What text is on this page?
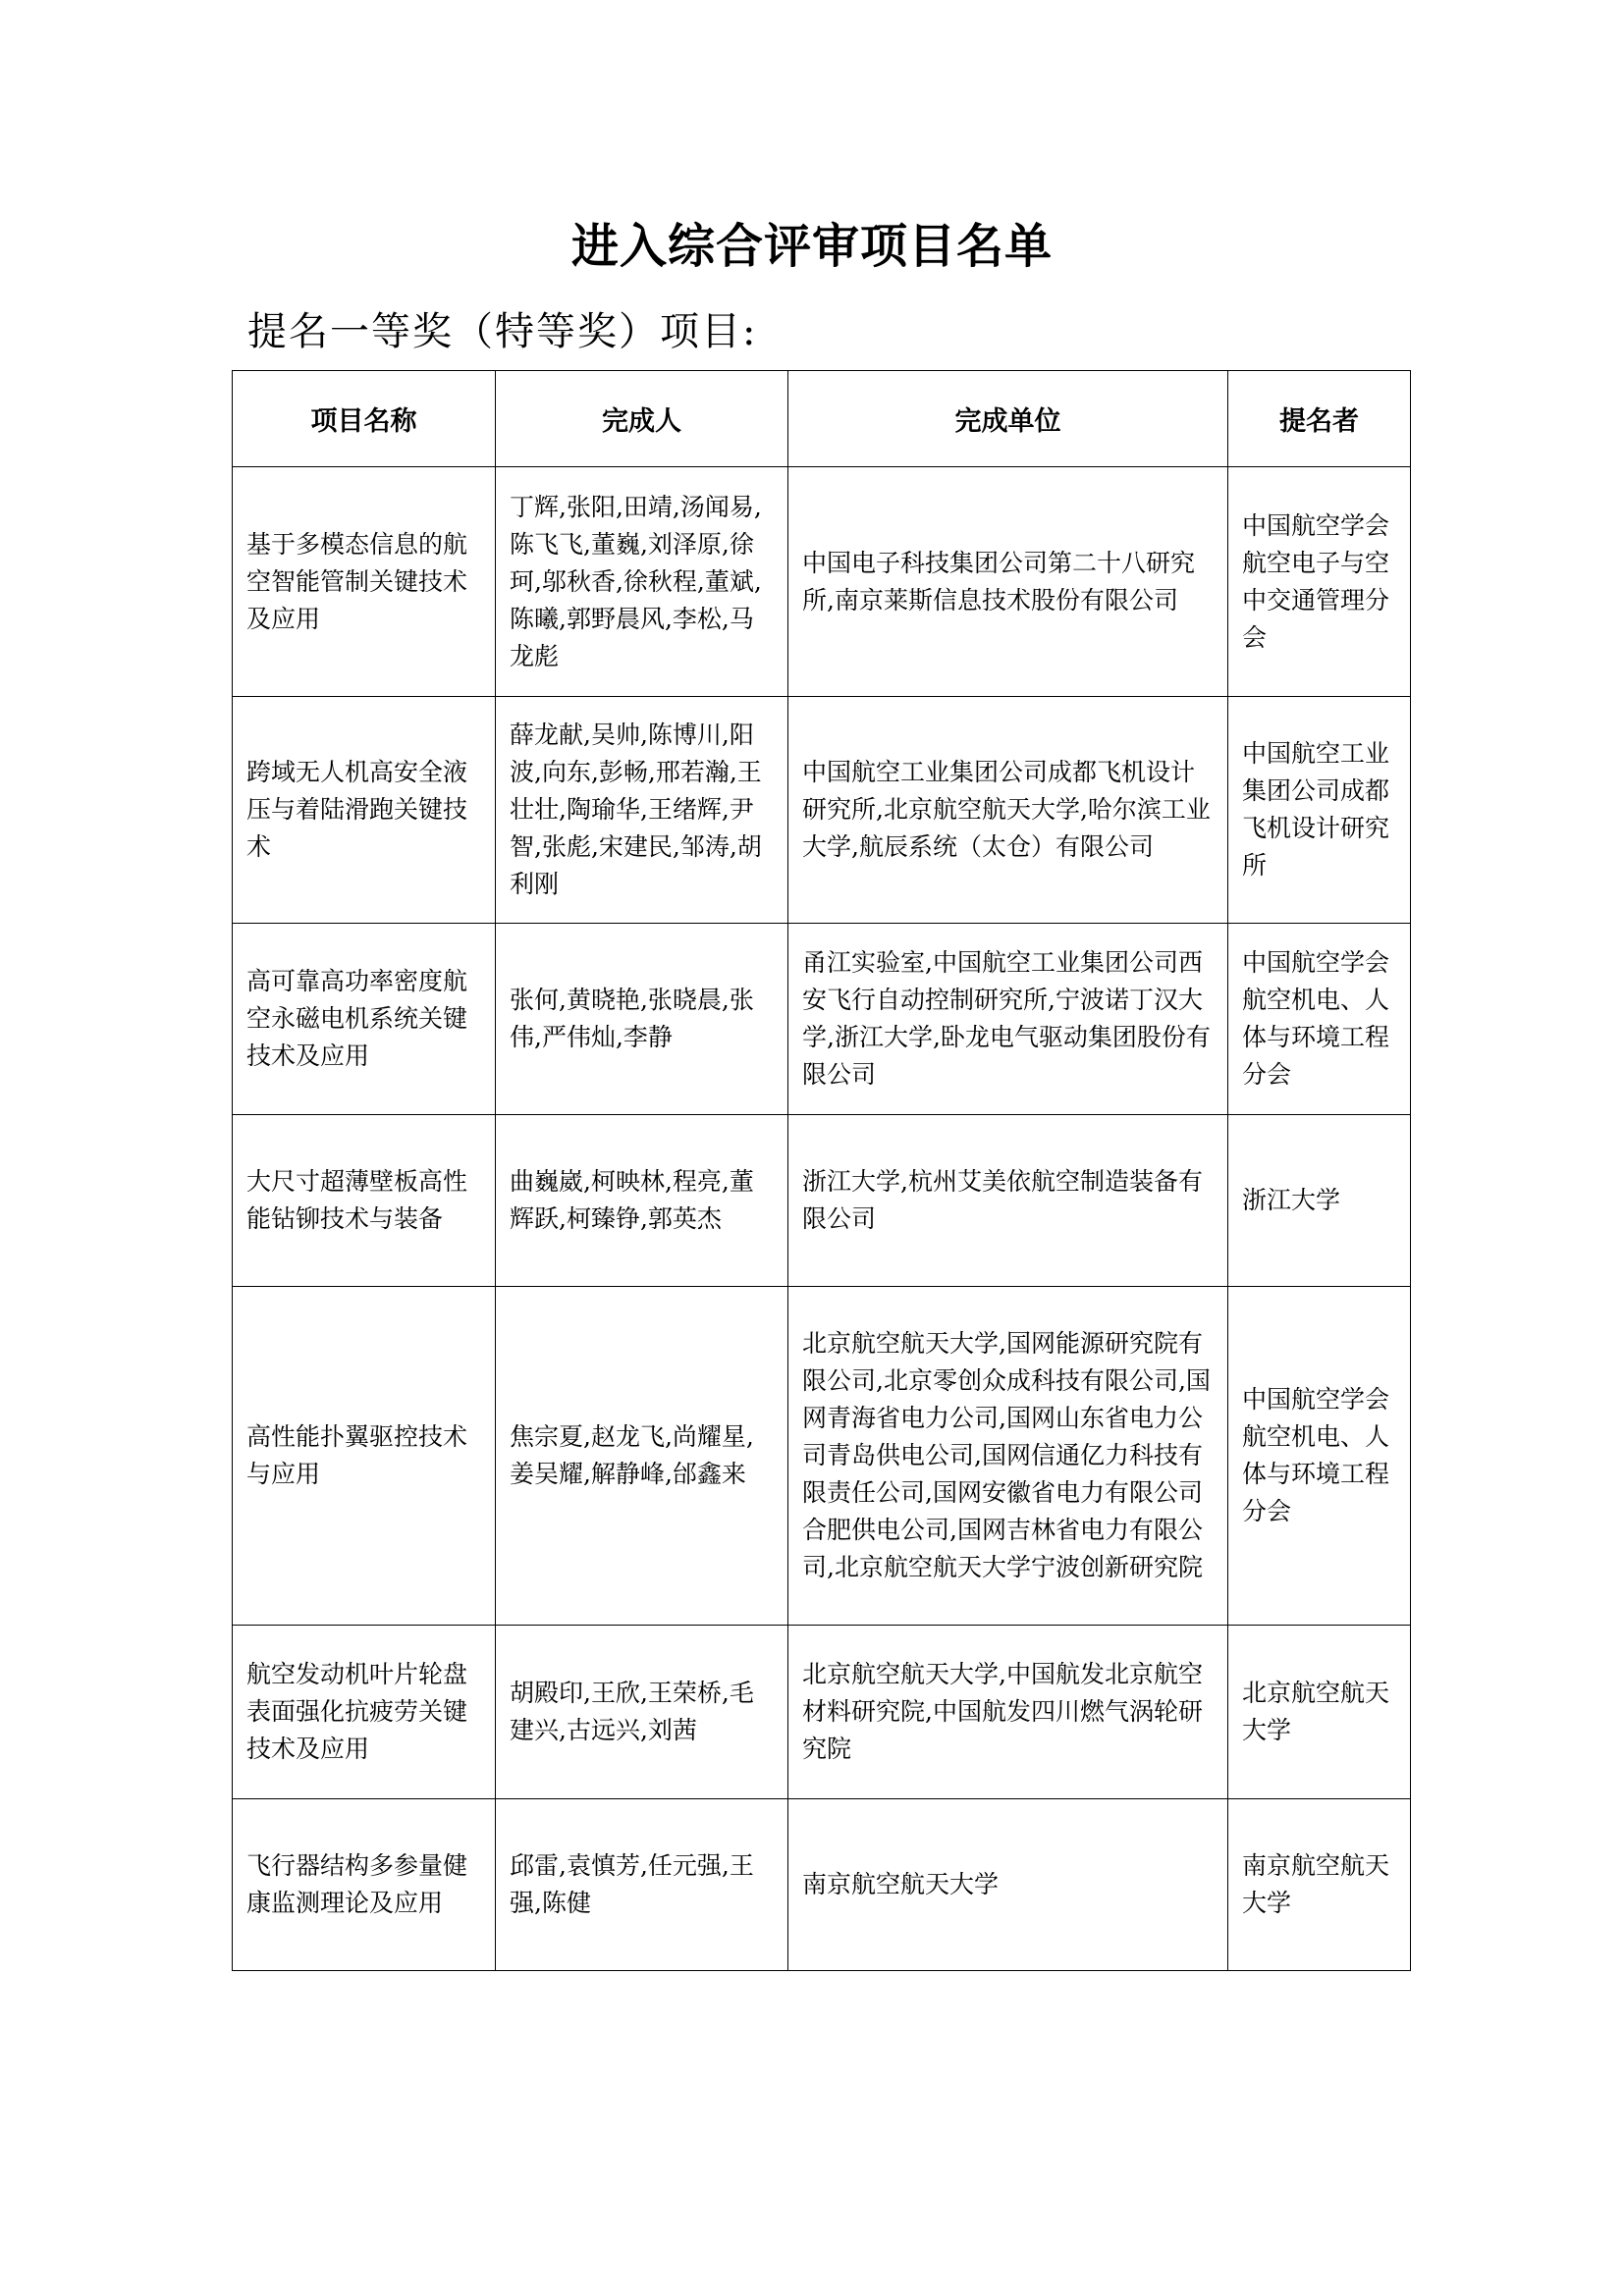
进入综合评审项目名单
提名一等奖（特等奖）项目:
项目名称	完成人	完成单位	提名者
基于多模态信息的航空智能管制关键技术及应用	丁辉,张阳,田靖,汤闻易,陈飞飞,董巍,刘泽原,徐珂,邬秋香,徐秋程,董斌,陈曦,郭野晨风,李松,马龙彪	中国电子科技集团公司第二十八研究所,南京莱斯信息技术股份有限公司	中国航空学会航空电子与空中交通管理分会
跨域无人机高安全液压与着陆滑跑关键技术	薛龙献,吴帅,陈博川,阳波,向东,彭畅,邢若瀚,王壮壮,陶瑜华,王绪辉,尹智,张彪,宋建民,邹涛,胡利刚	中国航空工业集团公司成都飞机设计研究所,北京航空航天大学,哈尔滨工业大学,航辰系统（太仓）有限公司	中国航空工业集团公司成都飞机设计研究所
高可靠高功率密度航空永磁电机系统关键技术及应用	张何,黄晓艳,张晓晨,张伟,严伟灿,李静	甬江实验室,中国航空工业集团公司西安飞行自动控制研究所,宁波诺丁汉大学,浙江大学,卧龙电气驱动集团股份有限公司	中国航空学会航空机电、人体与环境工程分会
大尺寸超薄壁板高性能钻铆技术与装备	曲巍崴,柯映林,程亮,董辉跃,柯臻铮,郭英杰	浙江大学,杭州艾美依航空制造装备有限公司	浙江大学
高性能扑翼驱控技术与应用	焦宗夏,赵龙飞,尚耀星,姜吴耀,解静峰,邰鑫来	北京航空航天大学,国网能源研究院有限公司,北京零创众成科技有限公司,国网青海省电力公司,国网山东省电力公司青岛供电公司,国网信通亿力科技有限责任公司,国网安徽省电力有限公司合肥供电公司,国网吉林省电力有限公司,北京航空航天大学宁波创新研究院	中国航空学会航空机电、人体与环境工程分会
航空发动机叶片轮盘表面强化抗疲劳关键技术及应用	胡殿印,王欣,王荣桥,毛建兴,古远兴,刘茜	北京航空航天大学,中国航发北京航空材料研究院,中国航发四川燃气涡轮研究院	北京航空航天大学
飞行器结构多参量健康监测理论及应用	邱雷,袁慎芳,任元强,王强,陈健	南京航空航天大学	南京航空航天大学
